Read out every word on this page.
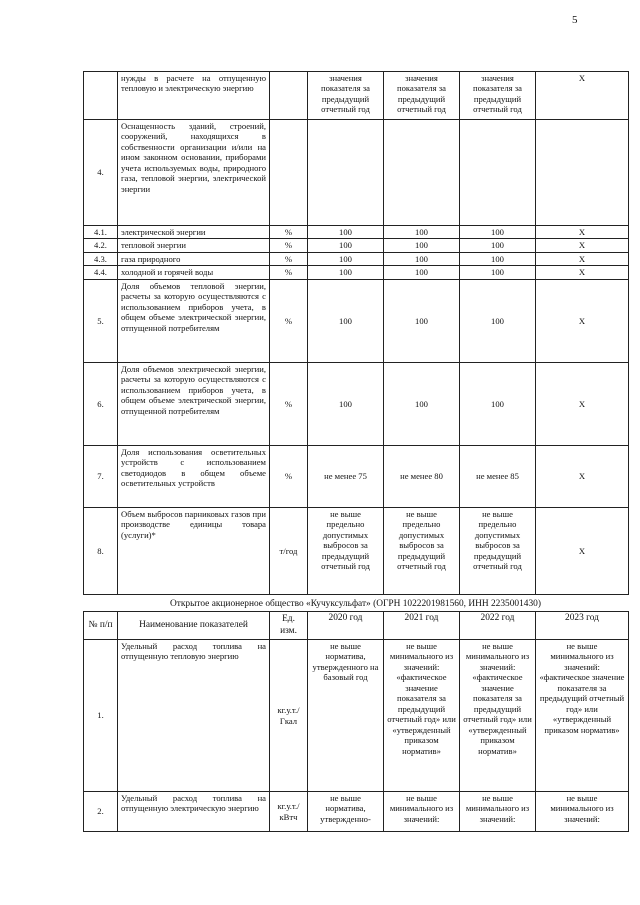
5
	нужды в расчете на отпущенную тепловую и электрическую энергию		значения показателя за предыдущий отчетный год	значения показателя за предыдущий отчетный год	значения показателя за предыдущий отчетный год	X
4.	Оснащенность зданий, строений, сооружений, находящихся в собственности организации и/или на ином законном основании, приборами учета используемых воды, природного газа, тепловой энергии, электрической энергии					
4.1.	электрической энергии	%	100	100	100	X
4.2.	тепловой энергии	%	100	100	100	X
4.3.	газа природного	%	100	100	100	X
4.4.	холодной и горячей воды	%	100	100	100	X
5.	Доля объемов тепловой энергии, расчеты за которую осуществляются с использованием приборов учета, в общем объеме электрической энергии, отпущенной потребителям	%	100	100	100	X
6.	Доля объемов электрической энергии, расчеты за которую осуществляются с использованием приборов учета, в общем объеме электрической энергии, отпущенной потребителям	%	100	100	100	X
7.	Доля использования осветительных устройств с использованием светодиодов в общем объеме осветительных устройств	%	не менее 75	не менее 80	не менее 85	X
8.	Объем выбросов парниковых газов при производстве единицы товара (услуги)*	т/год	не выше предельно допустимых выбросов за предыдущий отчетный год	не выше предельно допустимых выбросов за предыдущий отчетный год	не выше предельно допустимых выбросов за предыдущий отчетный год	X
Открытое акционерное общество «Кучуксульфат» (ОГРН 1022201981560, ИНН 2235001430)
№ п/п	Наименование показателей	Ед. изм.	2020 год	2021 год	2022 год	2023 год
1.	Удельный расход топлива на отпущенную тепловую энергию	кг.у.т./ Гкал	не выше норматива, утвержденного на базовый год	не выше минимального из значений: «фактическое значение показателя за предыдущий отчетный год» или «утвержденный приказом норматив»	не выше минимального из значений: «фактическое значение показателя за предыдущий отчетный год» или «утвержденный приказом норматив»	не выше минимального из значений: «фактическое значение показателя за предыдущий отчетный год» или «утвержденный приказом норматив»
2.	Удельный расход топлива на отпущенную электрическую энергию	кг.у.т./ кВтч	не выше норматива, утвержденно-	не выше минимального из значений:	не выше минимального из значений:	не выше минимального из значений:
